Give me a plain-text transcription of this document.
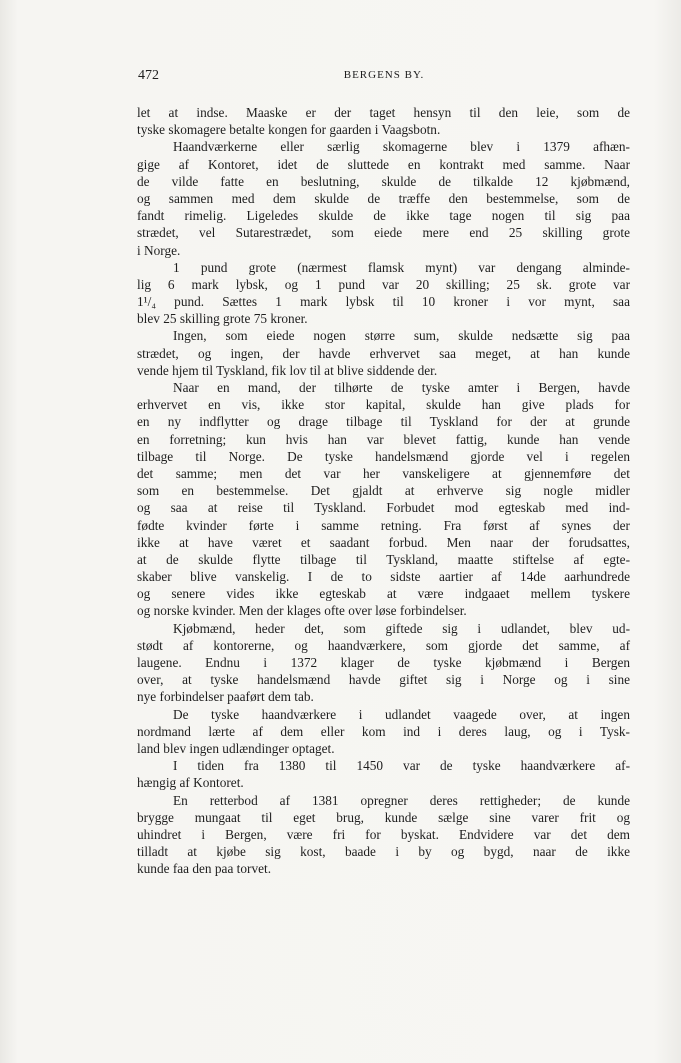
472	BERGENS BY.
let at indse. Maaske er der taget hensyn til den leie, som de
tyske skomagere betalte kongen for gaarden i Vaagsbotn.
Haandværkerne eller særlig skomagerne blev i 1379 afhæn-
gige af Kontoret, idet de sluttede en kontrakt med samme. Naar
de vilde fatte en beslutning, skulde de tilkalde 12 kjøbmænd,
og sammen med dem skulde de træffe den bestemmelse, som de
fandt rimelig. Ligeledes skulde de ikke tage nogen til sig paa
strædet, vel Sutarestrædet, som eiede mere end 25 skilling grote
i Norge.
1 pund grote (nærmest flamsk mynt) var dengang alminde-
lig 6 mark lybsk, og 1 pund var 20 skilling; 25 sk. grote var
1¹/₄ pund. Sættes 1 mark lybsk til 10 kroner i vor mynt, saa
blev 25 skilling grote 75 kroner.
Ingen, som eiede nogen større sum, skulde nedsætte sig paa
strædet, og ingen, der havde erhvervet saa meget, at han kunde
vende hjem til Tyskland, fik lov til at blive siddende der.
Naar en mand, der tilhørte de tyske amter i Bergen, havde
erhvervet en vis, ikke stor kapital, skulde han give plads for
en ny indflytter og drage tilbage til Tyskland for der at grunde
en forretning; kun hvis han var blevet fattig, kunde han vende
tilbage til Norge. De tyske handelsmænd gjorde vel i regelen
det samme; men det var her vanskeligere at gjennemføre det
som en bestemmelse. Det gjaldt at erhverve sig nogle midler
og saa at reise til Tyskland. Forbudet mod egteskab med ind-
fødte kvinder førte i samme retning. Fra først af synes der
ikke at have været et saadant forbud. Men naar der forudsattes,
at de skulde flytte tilbage til Tyskland, maatte stiftelse af egte-
skaber blive vanskelig. I de to sidste aartier af 14de aarhundrede
og senere vides ikke egteskab at være indgaaet mellem tyskere
og norske kvinder. Men der klages ofte over løse forbindelser.
Kjøbmænd, heder det, som giftede sig i udlandet, blev ud-
stødt af kontorerne, og haandværkere, som gjorde det samme, af
laugene. Endnu i 1372 klager de tyske kjøbmænd i Bergen
over, at tyske handelsmænd havde giftet sig i Norge og i sine
nye forbindelser paaført dem tab.
De tyske haandværkere i udlandet vaagede over, at ingen
nordmand lærte af dem eller kom ind i deres laug, og i Tysk-
land blev ingen udlændinger optaget.
I tiden fra 1380 til 1450 var de tyske haandværkere af-
hængig af Kontoret.
En retterbod af 1381 opregner deres rettigheder; de kunde
brygge mungaat til eget brug, kunde sælge sine varer frit og
uhindret i Bergen, være fri for byskat. Endvidere var det dem
tilladt at kjøbe sig kost, baade i by og bygd, naar de ikke
kunde faa den paa torvet.
